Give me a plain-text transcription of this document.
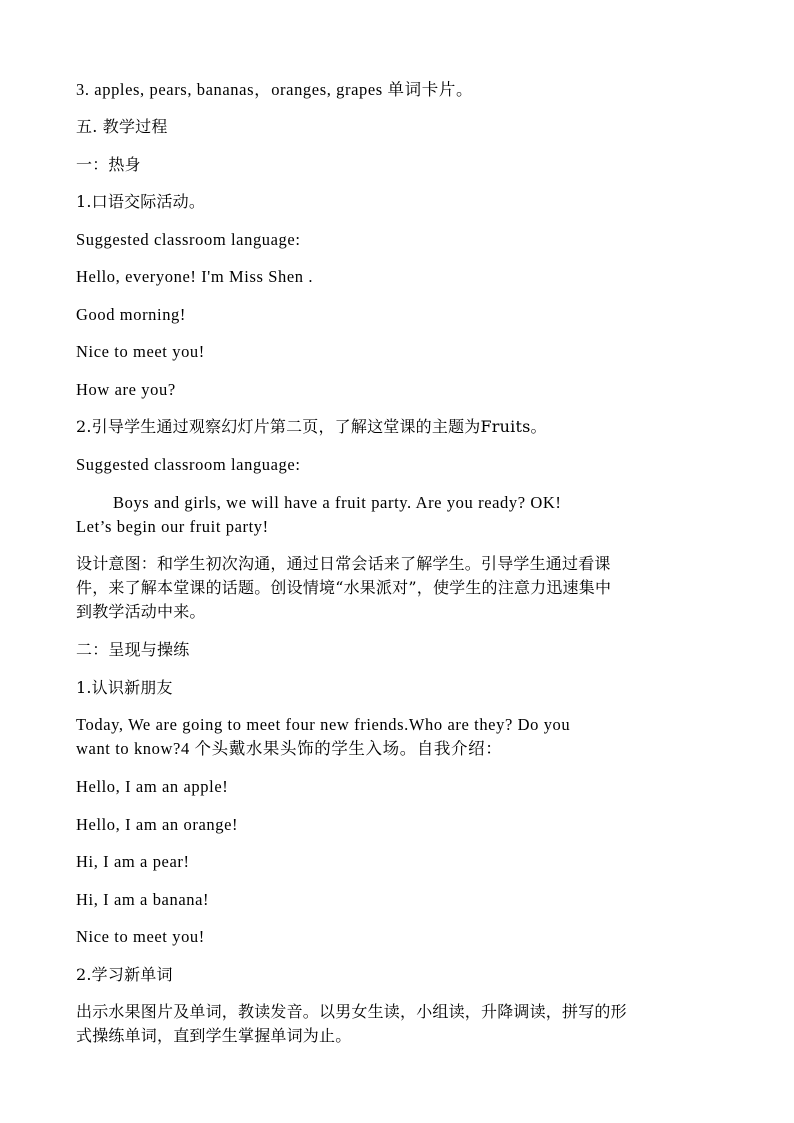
3. apples, pears, bananas，oranges, grapes 单词卡片。

五. 教学过程

一：热身

1.口语交际活动。

Suggested classroom language:

Hello, everyone! I'm Miss Shen .

Good morning!

Nice to meet you!

How are you?

2.引导学生通过观察幻灯片第二页，了解这堂课的主题为Fruits。

Suggested classroom language:

Boys and girls, we will have a fruit party. Are you ready? OK!

Let’s begin our fruit party!

设计意图：和学生初次沟通，通过日常会话来了解学生。引导学生通过看课

件，来了解本堂课的话题。创设情境“水果派对”，使学生的注意力迅速集中

到教学活动中来。

二：呈现与操练

1.认识新朋友

Today, We are going to meet four new friends.Who are they? Do you

want to know?4 个头戴水果头饰的学生入场。自我介绍：

Hello, I am an apple!

Hello, I am an orange!

Hi, I am a pear!

Hi, I am a banana!

Nice to meet you!

2.学习新单词

出示水果图片及单词，教读发音。以男女生读，小组读，升降调读，拼写的形

式操练单词，直到学生掌握单词为止。
